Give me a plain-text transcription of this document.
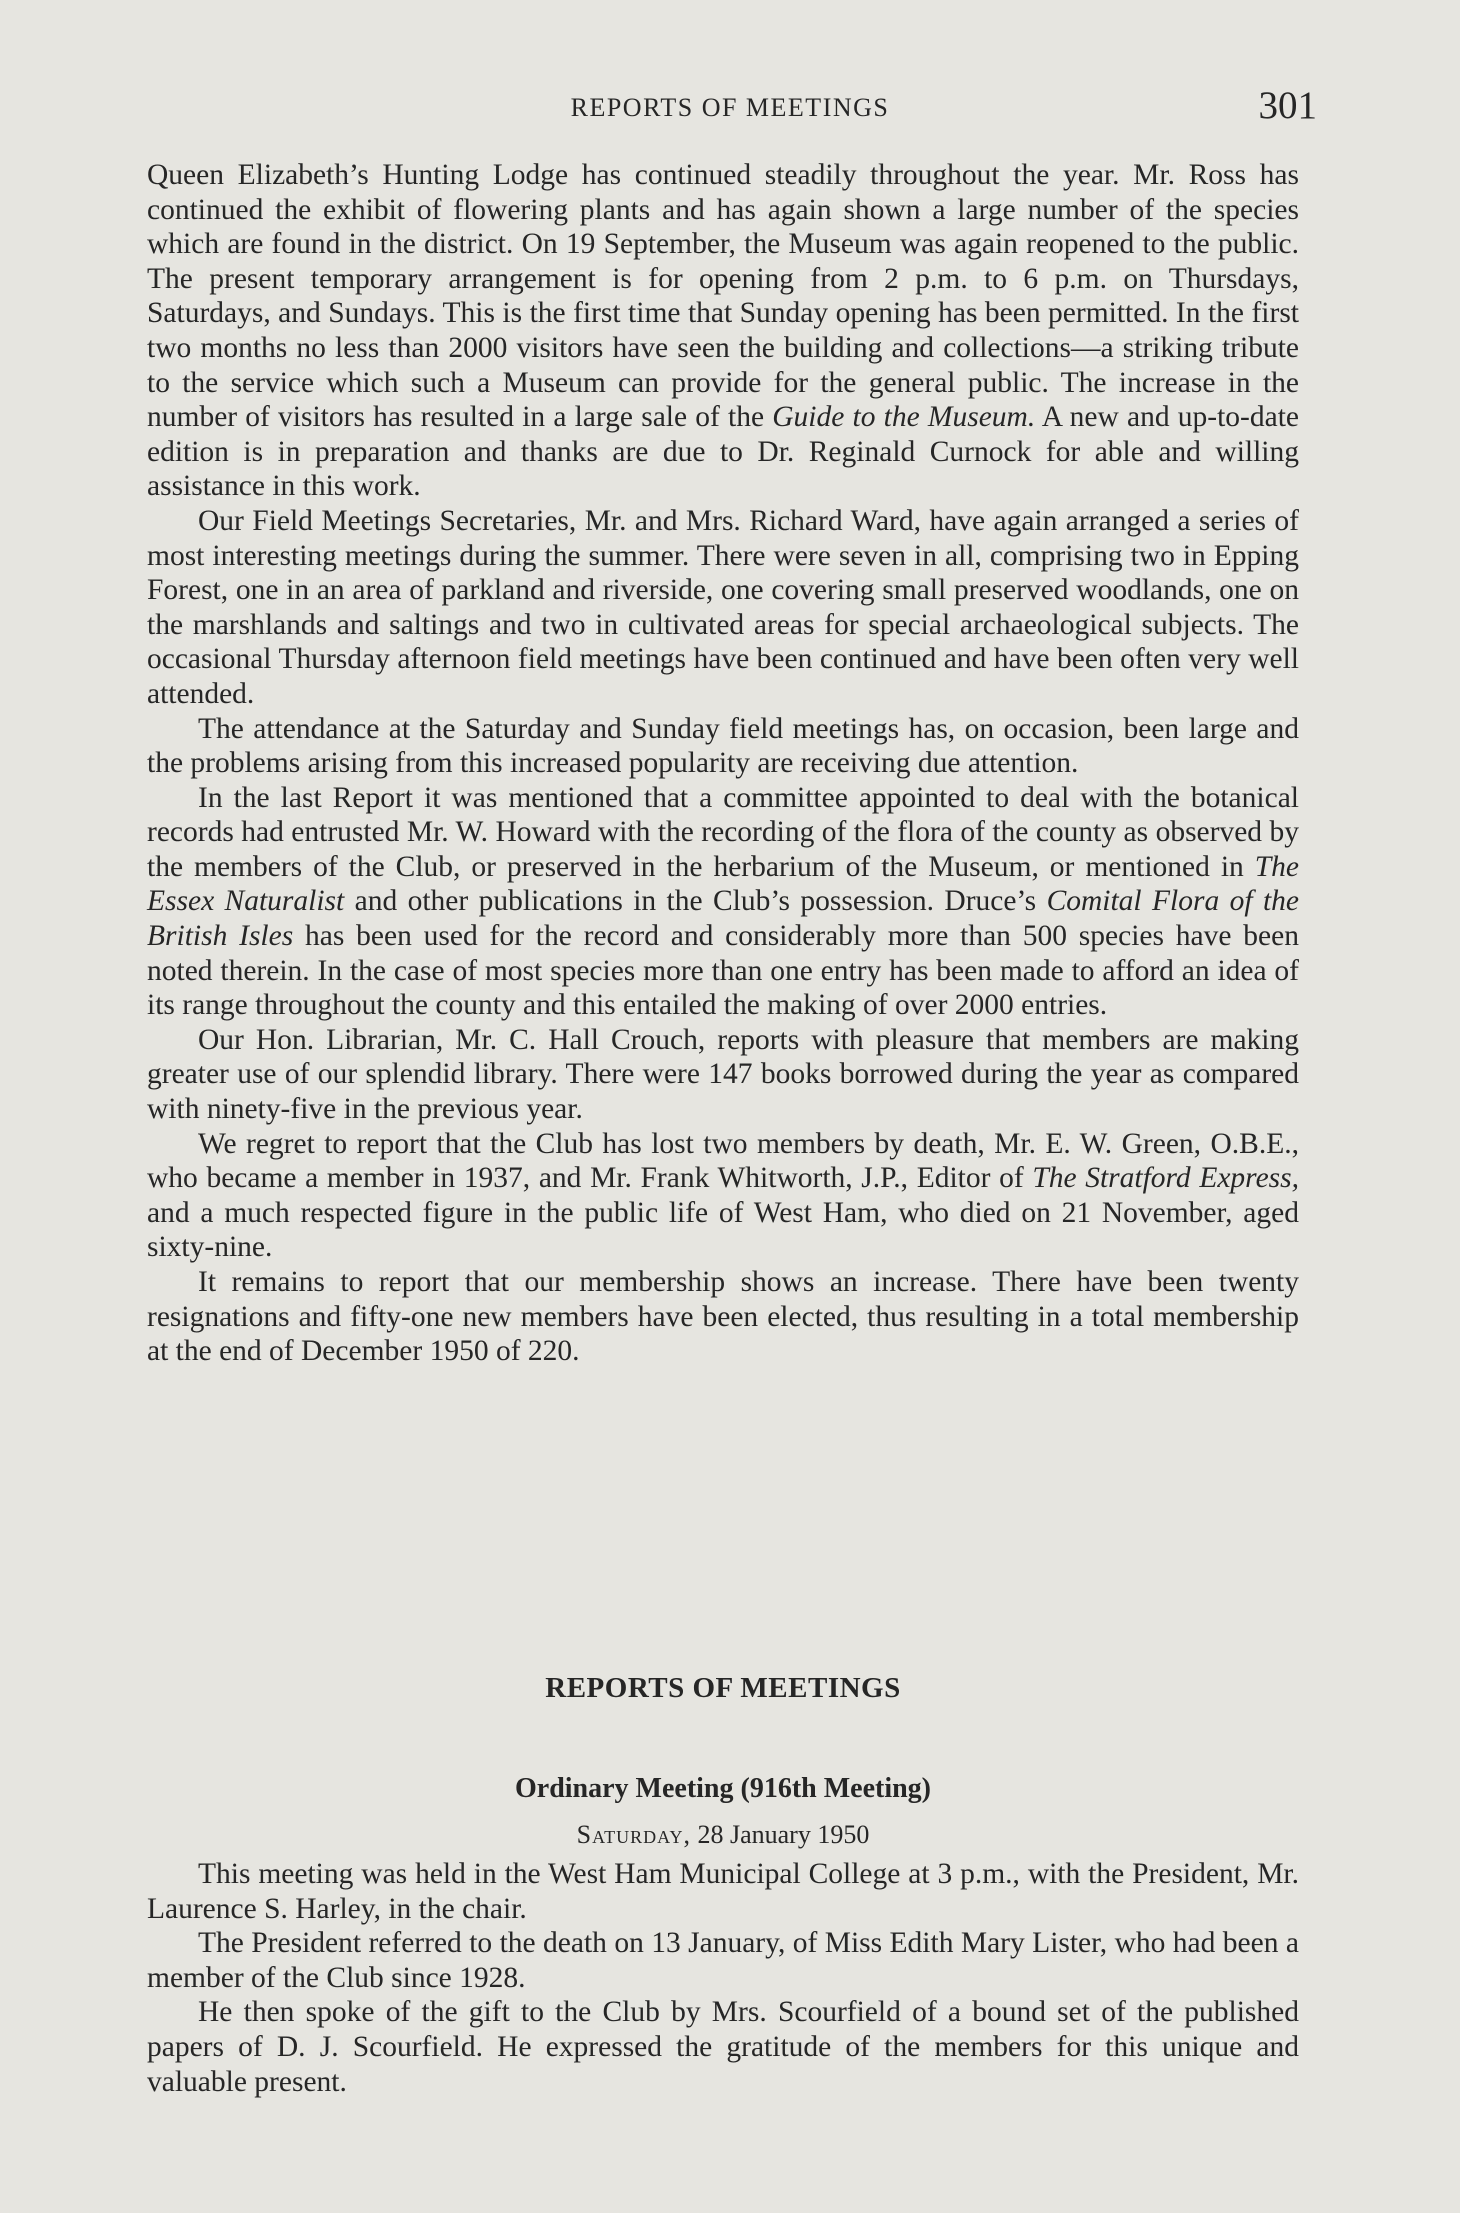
REPORTS OF MEETINGS	301

Queen Elizabeth’s Hunting Lodge has continued steadily throughout the year. Mr. Ross has continued the exhibit of flowering plants and has again shown a large number of the species which are found in the district. On 19 September, the Museum was again reopened to the public. The present temporary arrangement is for opening from 2 p.m. to 6 p.m. on Thursdays, Saturdays, and Sundays. This is the first time that Sunday opening has been permitted. In the first two months no less than 2000 visitors have seen the building and collections—a striking tribute to the service which such a Museum can provide for the general public. The increase in the number of visitors has resulted in a large sale of the Guide to the Museum. A new and up-to-date edition is in preparation and thanks are due to Dr. Reginald Curnock for able and willing assistance in this work.

Our Field Meetings Secretaries, Mr. and Mrs. Richard Ward, have again arranged a series of most interesting meetings during the summer. There were seven in all, comprising two in Epping Forest, one in an area of parkland and riverside, one covering small preserved woodlands, one on the marshlands and saltings and two in cultivated areas for special archaeological subjects. The occasional Thursday afternoon field meetings have been continued and have been often very well attended.

The attendance at the Saturday and Sunday field meetings has, on occasion, been large and the problems arising from this increased popularity are receiving due attention.

In the last Report it was mentioned that a committee appointed to deal with the botanical records had entrusted Mr. W. Howard with the recording of the flora of the county as observed by the members of the Club, or preserved in the herbarium of the Museum, or mentioned in The Essex Naturalist and other publications in the Club’s possession. Druce’s Comital Flora of the British Isles has been used for the record and considerably more than 500 species have been noted therein. In the case of most species more than one entry has been made to afford an idea of its range throughout the county and this entailed the making of over 2000 entries.

Our Hon. Librarian, Mr. C. Hall Crouch, reports with pleasure that members are making greater use of our splendid library. There were 147 books borrowed during the year as compared with ninety-five in the previous year.

We regret to report that the Club has lost two members by death, Mr. E. W. Green, O.B.E., who became a member in 1937, and Mr. Frank Whitworth, J.P., Editor of The Stratford Express, and a much respected figure in the public life of West Ham, who died on 21 November, aged sixty-nine.

It remains to report that our membership shows an increase. There have been twenty resignations and fifty-one new members have been elected, thus resulting in a total membership at the end of December 1950 of 220.

REPORTS OF MEETINGS
Ordinary Meeting (916th Meeting)
Saturday, 28 January 1950

This meeting was held in the West Ham Municipal College at 3 p.m., with the President, Mr. Laurence S. Harley, in the chair.

The President referred to the death on 13 January, of Miss Edith Mary Lister, who had been a member of the Club since 1928.

He then spoke of the gift to the Club by Mrs. Scourfield of a bound set of the published papers of D. J. Scourfield. He expressed the gratitude of the members for this unique and valuable present.
